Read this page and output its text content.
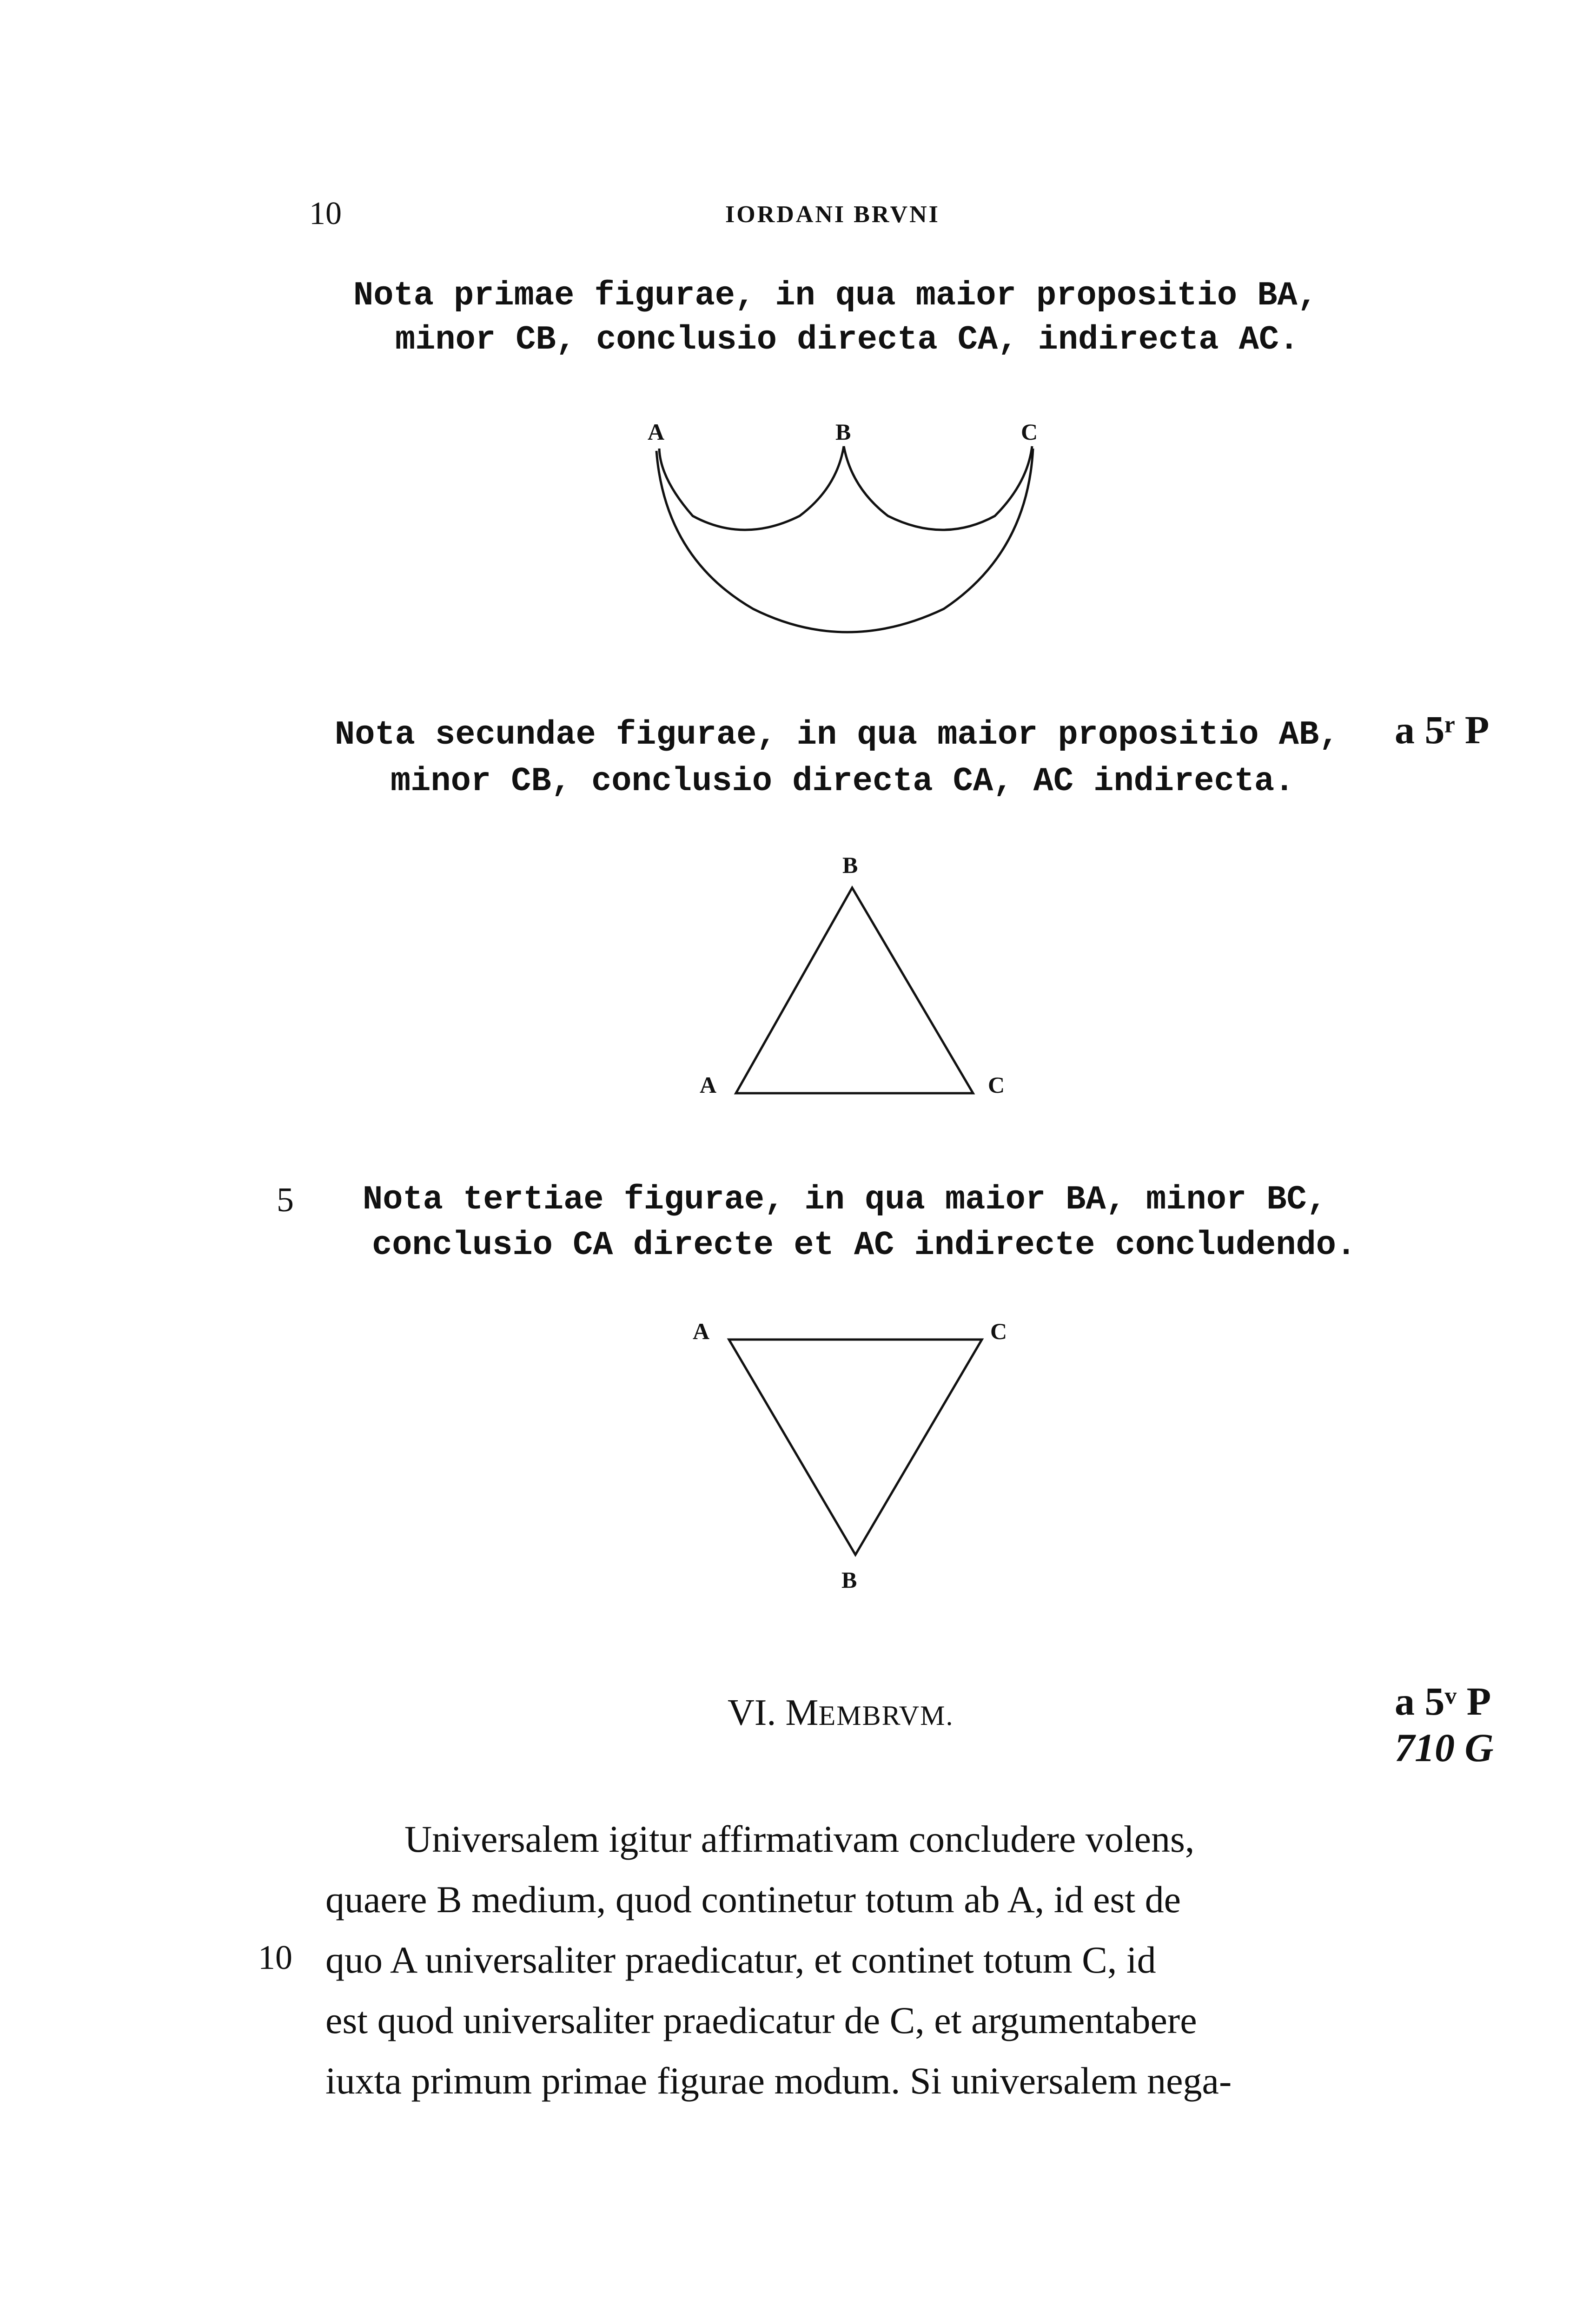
10	IORDANI BRVNI
Nota primae figurae, in qua maior propositio BA,
minor CB, conclusio directa CA, indirecta AC.
A	B	C
Nota secundae figurae, in qua maior propositio AB,
minor CB, conclusio directa CA, AC indirecta.
a 5ʳ P
B
A	C
5 Nota tertiae figurae, in qua maior BA, minor BC,
conclusio CA directe et AC indirecte concludendo.
A	C
B
VI. MEMBRVM.	a 5ᵛ P
710 G
Universalem igitur affirmativam concludere volens,
quaere B medium, quod continetur totum ab A, id est de
10 quo A universaliter praedicatur, et continet totum C, id
est quod universaliter praedicatur de C, et argumentabere
iuxta primum primae figurae modum. Si universalem nega-
